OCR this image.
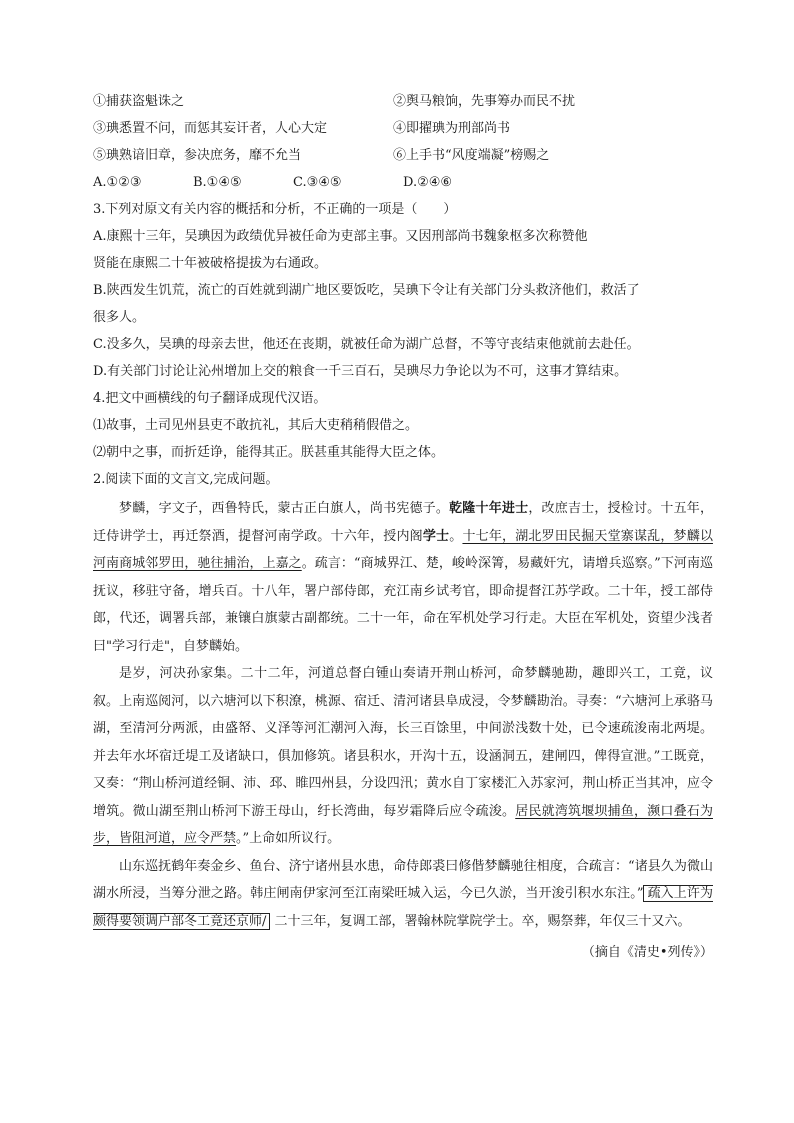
①捕获盗魁诛之	②舆马粮饷，先事筹办而民不扰
③琠悉置不问，而惩其妄讦者，人心大定	④即擢琠为刑部尚书
⑤琠熟谙旧章，参决庶务，靡不允当	⑥上手书“风度端凝”榜赐之
A.①②③	B.①④⑤	C.③④⑤	D.②④⑥
3.下列对原文有关内容的概括和分析，不正确的一项是（　　）
A.康熙十三年，吴琠因为政绩优异被任命为吏部主事。又因刑部尚书魏象枢多次称赞他
贤能在康熙二十年被破格提拔为右通政。
B.陕西发生饥荒，流亡的百姓就到湖广地区要饭吃，吴琠下令让有关部门分头救济他们，救活了
很多人。
C.没多久，吴琠的母亲去世，他还在丧期，就被任命为湖广总督，不等守丧结束他就前去赴任。
D.有关部门讨论让沁州增加上交的粮食一千三百石，吴琠尽力争论以为不可，这事才算结束。
4.把文中画横线的句子翻译成现代汉语。
⑴故事，土司见州县吏不敢抗礼，其后大吏稍稍假借之。
⑵朝中之事，而折廷诤，能得其正。朕甚重其能得大臣之体。
2.阅读下面的文言文,完成问题。

梦麟，字文子，西鲁特氏，蒙古正白旗人，尚书宪德子。乾隆十年进士，改庶吉士，授检讨。十五年，迁侍讲学士，再迁祭酒，提督河南学政。十六年，授内阁学士。十七年，湖北罗田民掘天堂寨谋乱，梦麟以河南商城邻罗田，驰往捕治，上嘉之。疏言：“商城界江、楚，峻岭深箐，易藏奸宄，请增兵巡察。”下河南巡抚议，移驻守备，增兵百。十八年，署户部侍郎，充江南乡试考官，即命提督江苏学政。二十年，授工部侍郎，代还，调署兵部，兼镶白旗蒙古副都统。二十一年，命在军机处学习行走。大臣在军机处，资望少浅者曰"学习行走"，自梦麟始。

是岁，河决孙家集。二十二年，河道总督白锺山奏请开荆山桥河，命梦麟驰勘，趣即兴工，工竟，议叙。上南巡阅河，以六塘河以下积潦，桃源、宿迁、清河诸县阜成浸，令梦麟勘治。寻奏：“六塘河上承骆马湖，至清河分两派，由盛帑、义泽等河汇潮河入海，长三百馀里，中间淤浅数十处，已令速疏浚南北两堤。并去年水坏宿迁堤工及诸缺口，俱加修筑。诸县积水，开沟十五，设涵洞五，建闸四，俾得宣泄。”工既竟，又奏：“荆山桥河道经铜、沛、邳、睢四州县，分设四汛；黄水自丁家楼汇入苏家河，荆山桥正当其冲，应令增筑。微山湖至荆山桥河下游王母山，纡长湾曲，每岁霜降后应令疏浚。居民就湾筑堰坝捕鱼，濒口叠石为步，皆阻河道，应令严禁。”上命如所议行。

山东巡抚鹤年奏金乡、鱼台、济宁诸州县水患，命侍郎裘曰修偕梦麟驰往相度，合疏言：“诸县久为微山湖水所浸，当筹分泄之路。韩庄闸南伊家河至江南梁旺城入运，今已久淤，当开浚引积水东注。” 疏入上许为颇得要领调户部冬工竟还京师/ 二十三年，复调工部，署翰林院掌院学士。卒，赐祭葬，年仅三十又六。

（摘自《清史•列传》）
